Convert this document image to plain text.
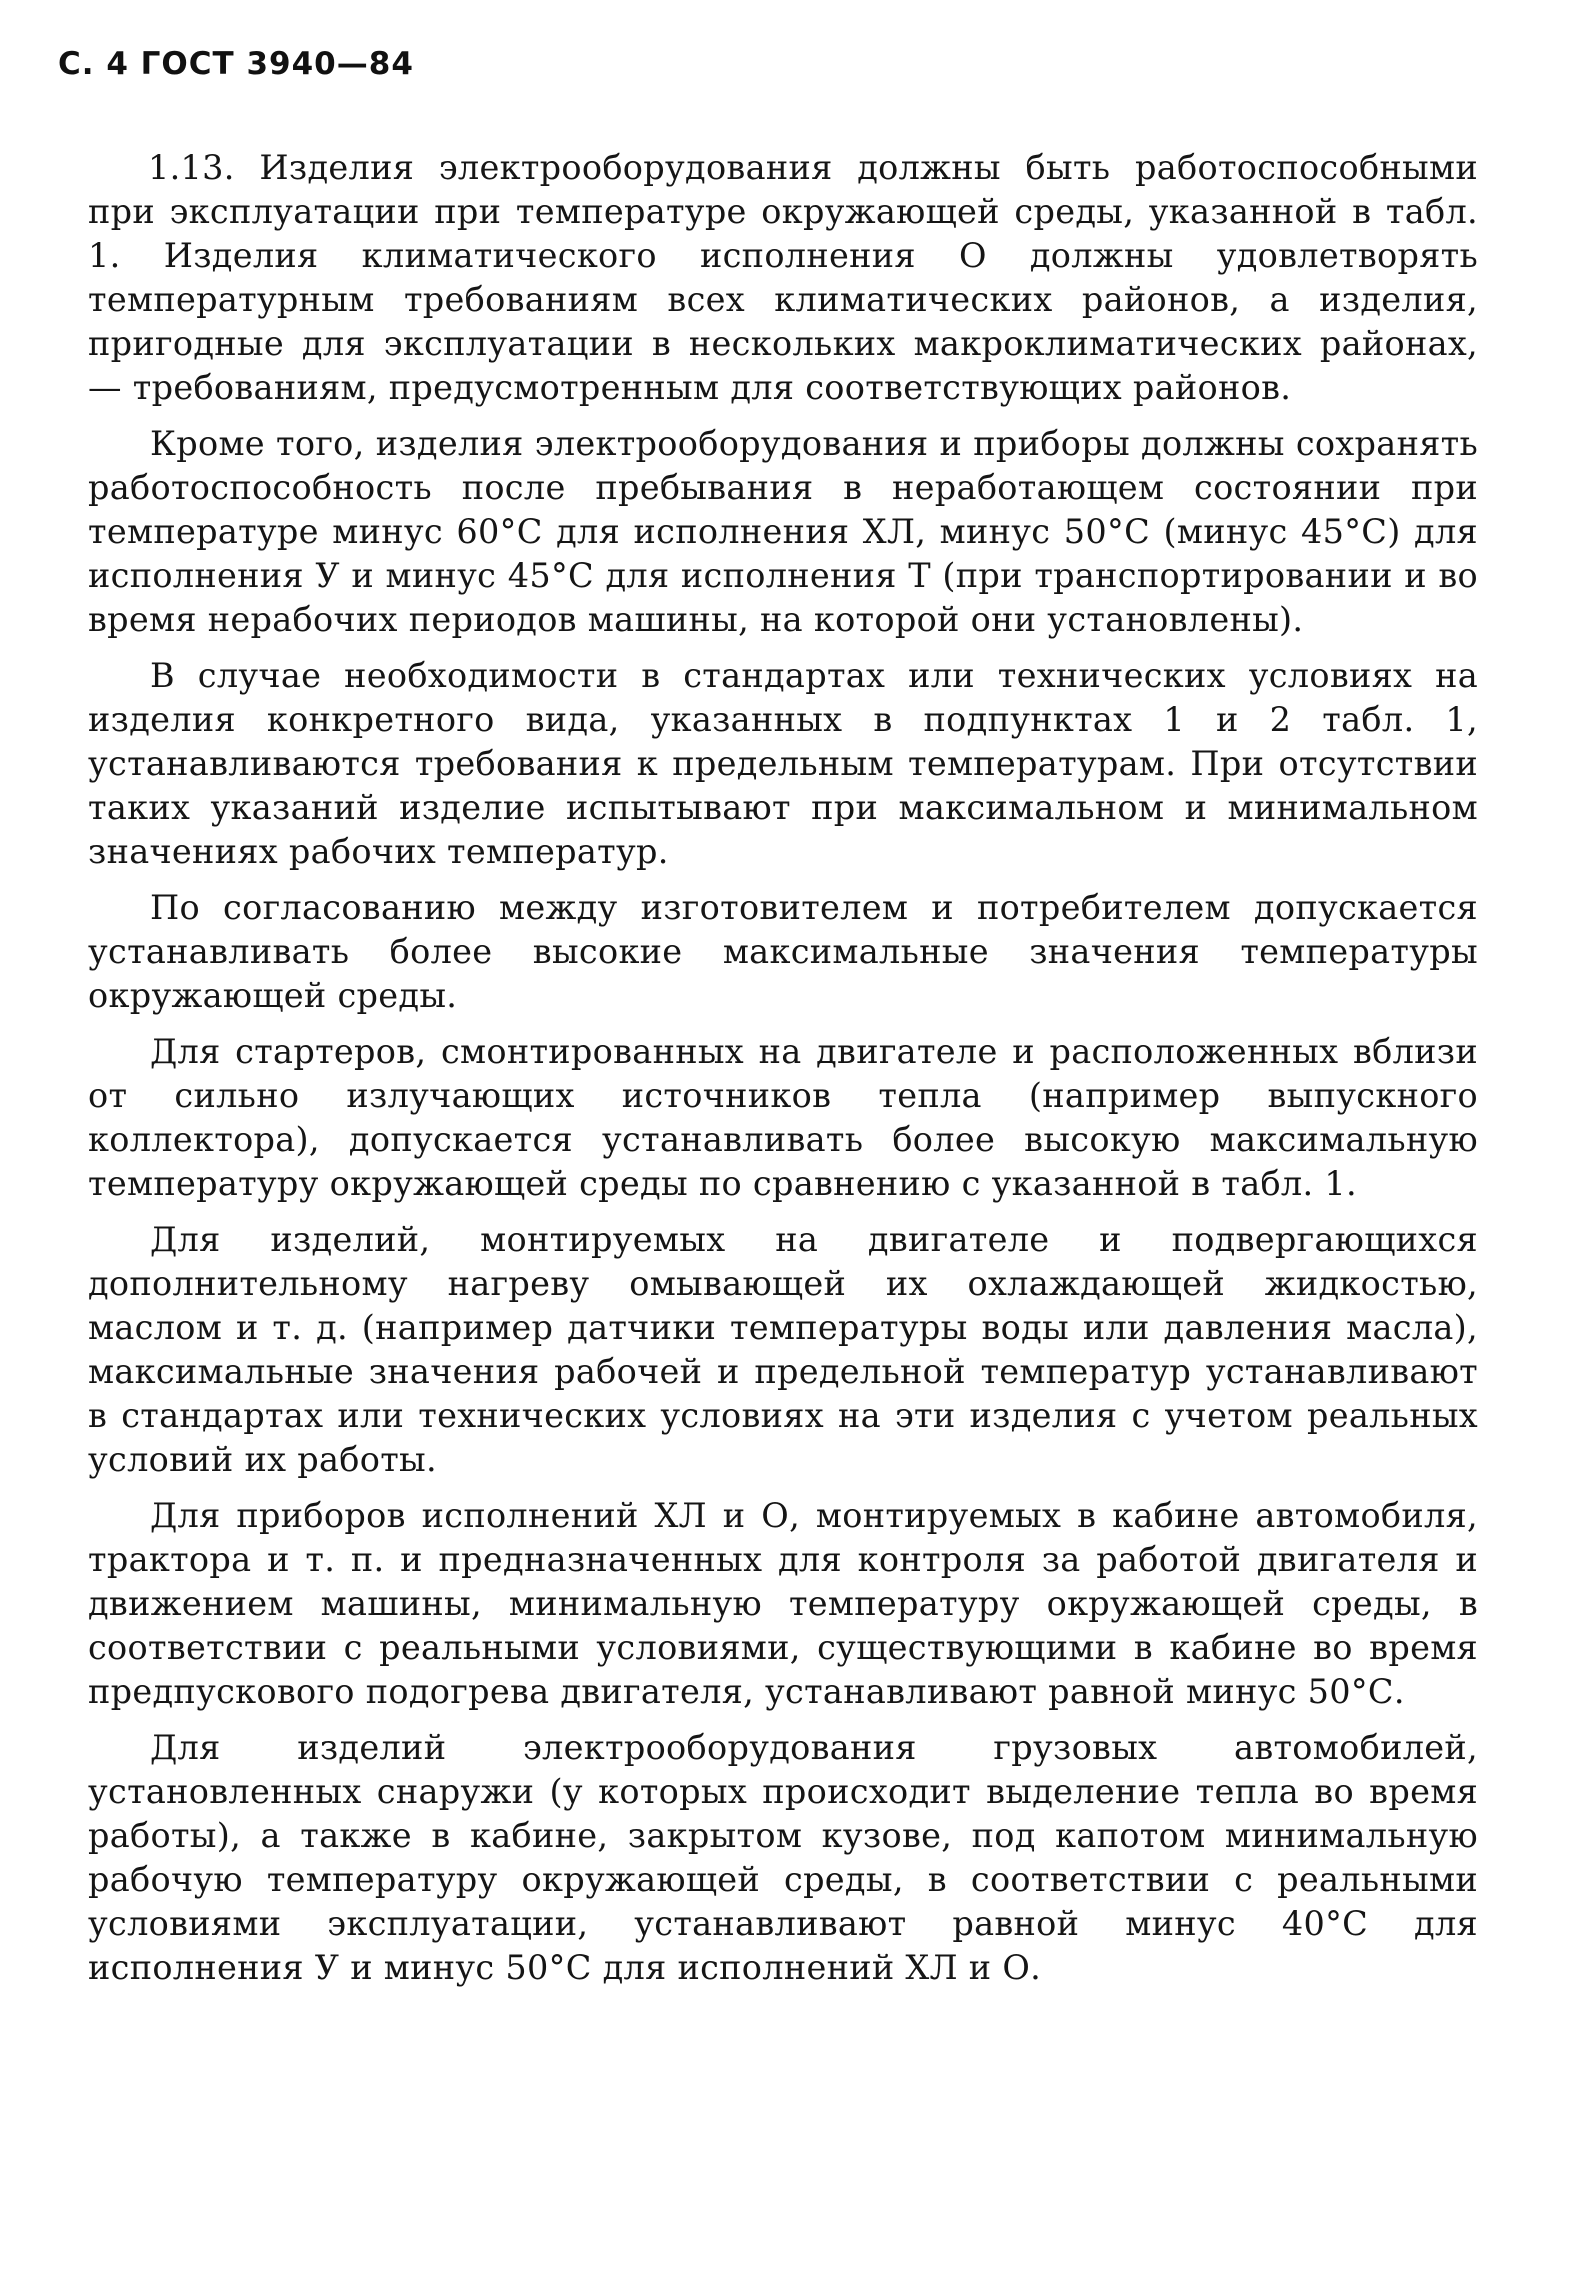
С. 4 ГОСТ 3940—84

1.13. Изделия электрооборудования должны быть работоспособными при эксплуатации при температуре окружающей среды, указанной в табл. 1. Изделия климатического исполнения О должны удовлетворять температурным требованиям всех климатических районов, а изделия, пригодные для эксплуатации в нескольких макроклиматических районах, — требованиям, предусмотренным для соответствующих районов.

Кроме того, изделия электрооборудования и приборы должны сохранять работоспособность после пребывания в неработающем состоянии при температуре минус 60°С для исполнения ХЛ, минус 50°С (минус 45°С) для исполнения У и минус 45°С для исполнения Т (при транспортировании и во время нерабочих периодов машины, на которой они установлены).

В случае необходимости в стандартах или технических условиях на изделия конкретного вида, указанных в подпунктах 1 и 2 табл. 1, устанавливаются требования к предельным температурам. При отсутствии таких указаний изделие испытывают при максимальном и минимальном значениях рабочих температур.

По согласованию между изготовителем и потребителем допускается устанавливать более высокие максимальные значения температуры окружающей среды.

Для стартеров, смонтированных на двигателе и расположенных вблизи от сильно излучающих источников тепла (например выпускного коллектора), допускается устанавливать более высокую максимальную температуру окружающей среды по сравнению с указанной в табл. 1.

Для изделий, монтируемых на двигателе и подвергающихся дополнительному нагреву омывающей их охлаждающей жидкостью, маслом и т. д. (например датчики температуры воды или давления масла), максимальные значения рабочей и предельной температур устанавливают в стандартах или технических условиях на эти изделия с учетом реальных условий их работы.

Для приборов исполнений ХЛ и О, монтируемых в кабине автомобиля, трактора и т. п. и предназначенных для контроля за работой двигателя и движением машины, минимальную температуру окружающей среды, в соответствии с реальными условиями, существующими в кабине во время предпускового подогрева двигателя, устанавливают равной минус 50°С.

Для изделий электрооборудования грузовых автомобилей, установленных снаружи (у которых происходит выделение тепла во время работы), а также в кабине, закрытом кузове, под капотом минимальную рабочую температуру окружающей среды, в соответствии с реальными условиями эксплуатации, устанавливают равной минус 40°С для исполнения У и минус 50°С для исполнений ХЛ и О.
